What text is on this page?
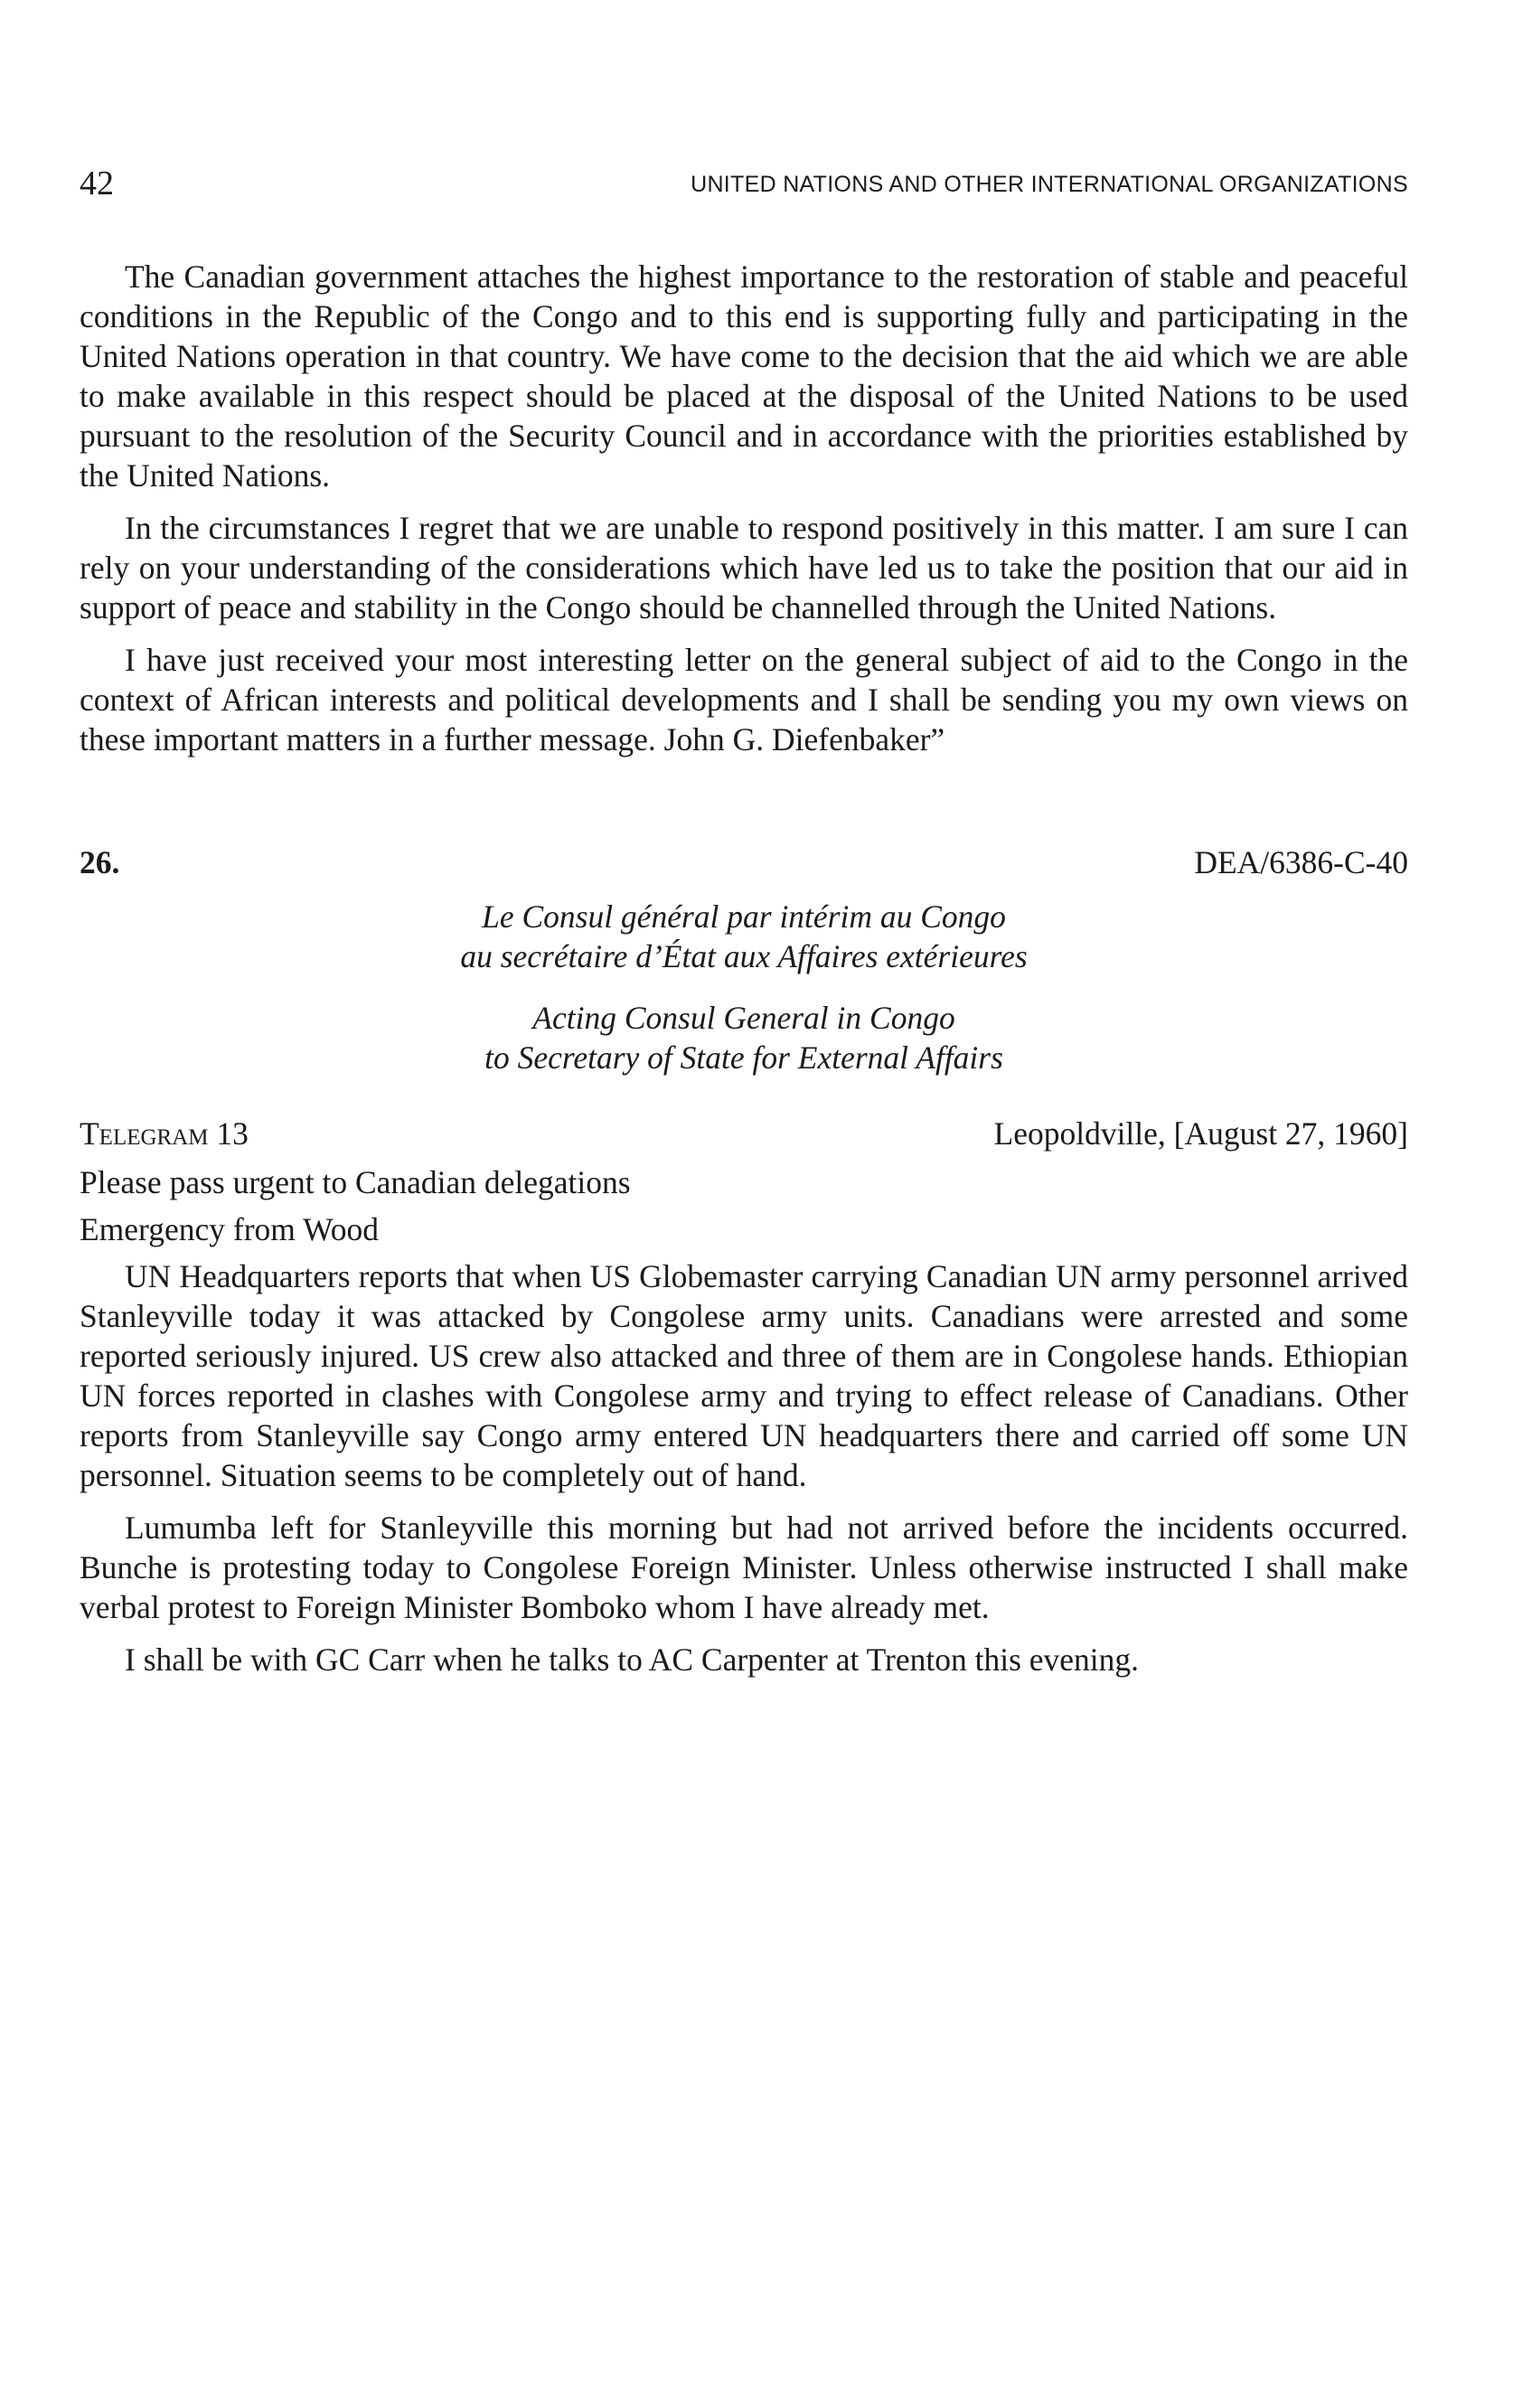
42	UNITED NATIONS AND OTHER INTERNATIONAL ORGANIZATIONS

The Canadian government attaches the highest importance to the restoration of stable and peaceful conditions in the Republic of the Congo and to this end is supporting fully and participating in the United Nations operation in that country. We have come to the decision that the aid which we are able to make available in this respect should be placed at the disposal of the United Nations to be used pursuant to the resolution of the Security Council and in accordance with the priorities established by the United Nations.

In the circumstances I regret that we are unable to respond positively in this matter. I am sure I can rely on your understanding of the considerations which have led us to take the position that our aid in support of peace and stability in the Congo should be channelled through the United Nations.

I have just received your most interesting letter on the general subject of aid to the Congo in the context of African interests and political developments and I shall be sending you my own views on these important matters in a further message. John G. Diefenbaker”

26.	DEA/6386-C-40
Le Consul général par intérim au Congo
au secrétaire d’État aux Affaires extérieures
Acting Consul General in Congo
to Secretary of State for External Affairs
Telegram 13	Leopoldville, [August 27, 1960]
Please pass urgent to Canadian delegations
Emergency from Wood

UN Headquarters reports that when US Globemaster carrying Canadian UN army personnel arrived Stanleyville today it was attacked by Congolese army units. Canadians were arrested and some reported seriously injured. US crew also attacked and three of them are in Congolese hands. Ethiopian UN forces reported in clashes with Congolese army and trying to effect release of Canadians. Other reports from Stanleyville say Congo army entered UN headquarters there and carried off some UN personnel. Situation seems to be completely out of hand.

Lumumba left for Stanleyville this morning but had not arrived before the incidents occurred. Bunche is protesting today to Congolese Foreign Minister. Unless otherwise instructed I shall make verbal protest to Foreign Minister Bomboko whom I have already met.

I shall be with GC Carr when he talks to AC Carpenter at Trenton this evening.
